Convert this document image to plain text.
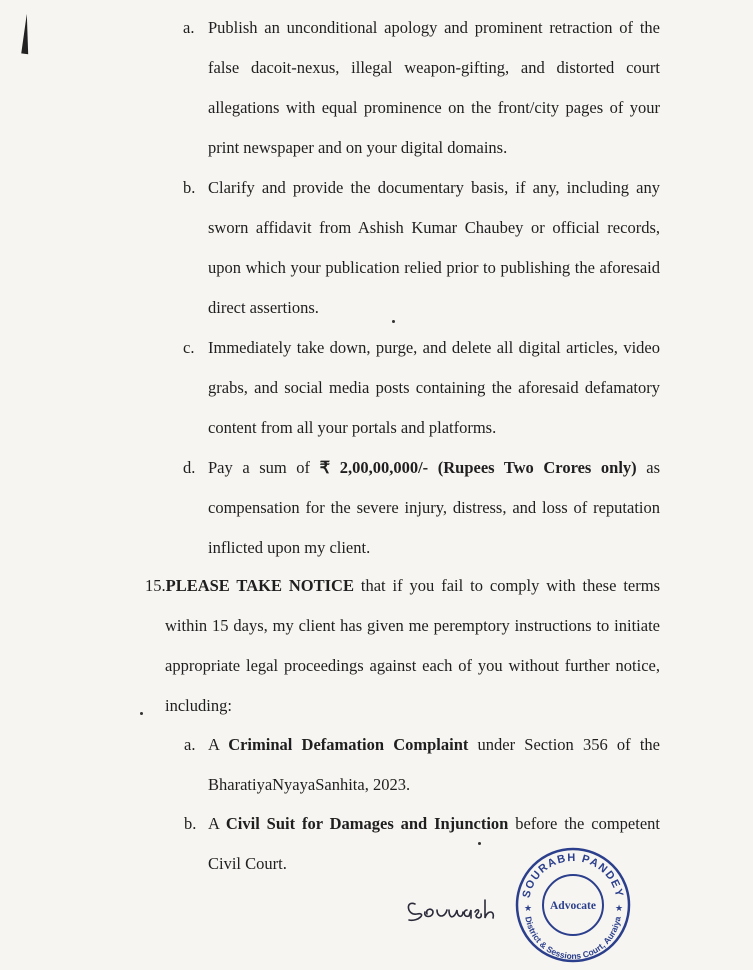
a. Publish an unconditional apology and prominent retraction of the false dacoit-nexus, illegal weapon-gifting, and distorted court allegations with equal prominence on the front/city pages of your print newspaper and on your digital domains.
b. Clarify and provide the documentary basis, if any, including any sworn affidavit from Ashish Kumar Chaubey or official records, upon which your publication relied prior to publishing the aforesaid direct assertions.
c. Immediately take down, purge, and delete all digital articles, video grabs, and social media posts containing the aforesaid defamatory content from all your portals and platforms.
d. Pay a sum of ₹ 2,00,00,000/- (Rupees Two Crores only) as compensation for the severe injury, distress, and loss of reputation inflicted upon my client.
15.PLEASE TAKE NOTICE that if you fail to comply with these terms within 15 days, my client has given me peremptory instructions to initiate appropriate legal proceedings against each of you without further notice, including:
a. A Criminal Defamation Complaint under Section 356 of the BharatiyaNyayaSanhita, 2023.
b. A Civil Suit for Damages and Injunction before the competent Civil Court.
SOURABH PANDEY
District & Sessions Court, Auraiya
Advocate
★	★
